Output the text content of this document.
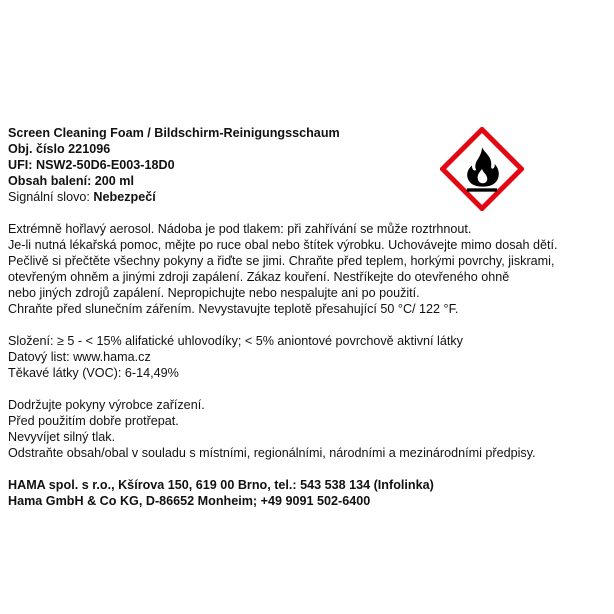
Screen Cleaning Foam / Bildschirm-Reinigungsschaum
Obj. číslo 221096
UFI: NSW2-50D6-E003-18D0
Obsah balení: 200 ml
Signální slovo: Nebezpečí
Extrémně hořlavý aerosol. Nádoba je pod tlakem: při zahřívání se může roztrhnout.
Je-li nutná lékařská pomoc, mějte po ruce obal nebo štítek výrobku. Uchovávejte mimo dosah dětí.
Pečlivě si přečtěte všechny pokyny a řiďte se jimi. Chraňte před teplem, horkými povrchy, jiskrami,
otevřeným ohněm a jinými zdroji zapálení. Zákaz kouření. Nestříkejte do otevřeného ohně
nebo jiných zdrojů zapálení. Nepropichujte nebo nespalujte ani po použití.
Chraňte před slunečním zářením. Nevystavujte teplotě přesahující 50 °C/ 122 °F.
Složení: ≥ 5 - < 15% alifatické uhlovodíky; < 5% aniontové povrchově aktivní látky
Datový list: www.hama.cz
Těkavé látky (VOC): 6-14,49%
Dodržujte pokyny výrobce zařízení.
Před použitím dobře protřepat.
Nevyvíjet silný tlak.
Odstraňte obsah/obal v souladu s místními, regionálními, národními a mezinárodními předpisy.
HAMA spol. s r.o., Kšírova 150, 619 00 Brno, tel.: 543 538 134 (Infolinka)
Hama GmbH & Co KG, D-86652 Monheim; +49 9091 502-6400
